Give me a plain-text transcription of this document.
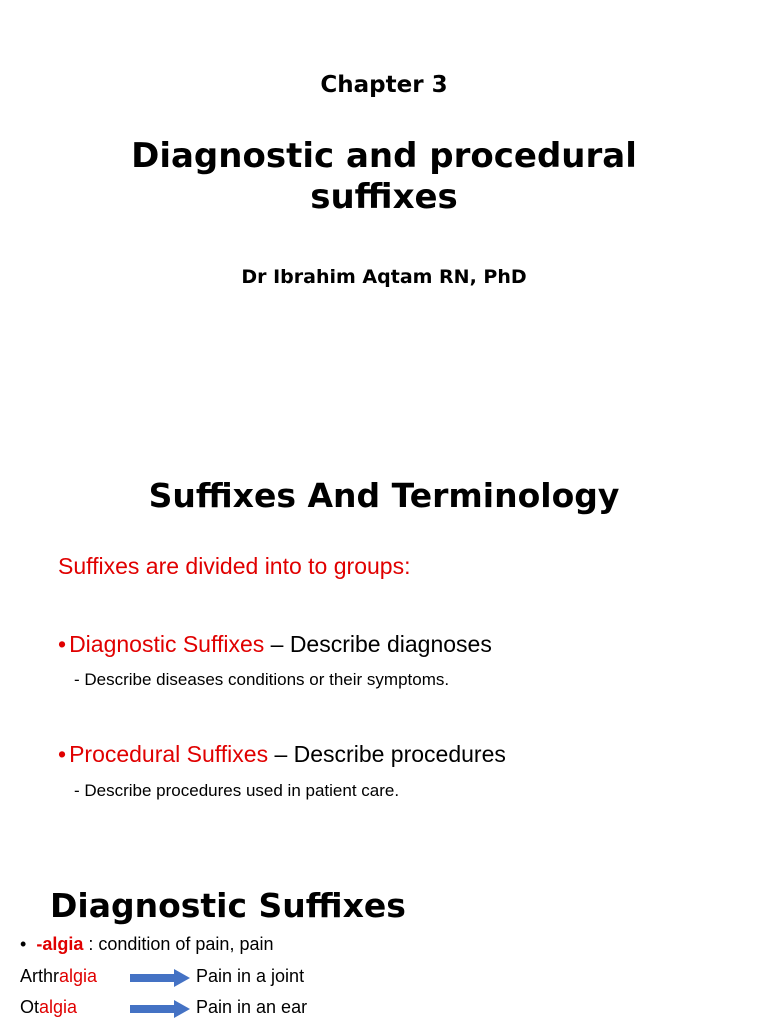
Chapter 3
Diagnostic and procedural
suffixes
Dr Ibrahim Aqtam RN, PhD
Suffixes And Terminology
Suffixes are divided into to groups:
• Diagnostic Suffixes – Describe diagnoses
- Describe diseases conditions or their symptoms.
• Procedural Suffixes – Describe procedures
- Describe procedures used in patient care.
Diagnostic Suffixes
• -algia : condition of pain, pain
Arthralgia	Pain in a joint
Otalgia	Pain in an ear
